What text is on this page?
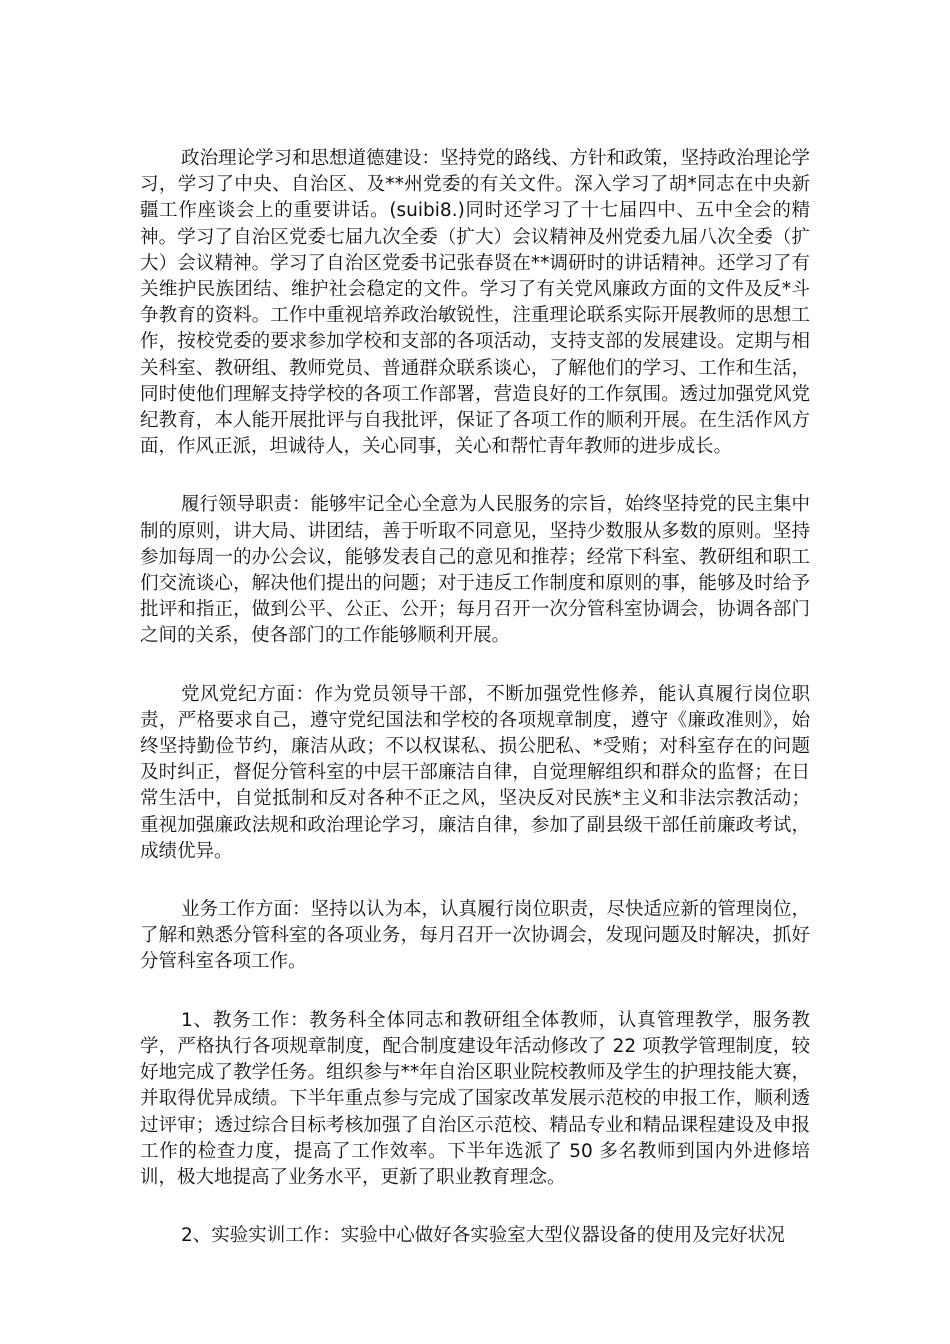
政治理论学习和思想道德建设：坚持党的路线、方针和政策，坚持政治理论学习，学习了中央、自治区、及**州党委的有关文件。深入学习了胡*同志在中央新疆工作座谈会上的重要讲话。(suibi8.)同时还学习了十七届四中、五中全会的精神。学习了自治区党委七届九次全委（扩大）会议精神及州党委九届八次全委（扩大）会议精神。学习了自治区党委书记张春贤在**调研时的讲话精神。还学习了有关维护民族团结、维护社会稳定的文件。学习了有关党风廉政方面的文件及反*斗争教育的资料。工作中重视培养政治敏锐性，注重理论联系实际开展教师的思想工作，按校党委的要求参加学校和支部的各项活动，支持支部的发展建设。定期与相关科室、教研组、教师党员、普通群众联系谈心，了解他们的学习、工作和生活，同时使他们理解支持学校的各项工作部署，营造良好的工作氛围。透过加强党风党纪教育，本人能开展批评与自我批评，保证了各项工作的顺利开展。在生活作风方面，作风正派，坦诚待人，关心同事，关心和帮忙青年教师的进步成长。

履行领导职责：能够牢记全心全意为人民服务的宗旨，始终坚持党的民主集中制的原则，讲大局、讲团结，善于听取不同意见，坚持少数服从多数的原则。坚持参加每周一的办公会议，能够发表自己的意见和推荐；经常下科室、教研组和职工们交流谈心，解决他们提出的问题；对于违反工作制度和原则的事，能够及时给予批评和指正，做到公平、公正、公开；每月召开一次分管科室协调会，协调各部门之间的关系，使各部门的工作能够顺利开展。

党风党纪方面：作为党员领导干部，不断加强党性修养，能认真履行岗位职责，严格要求自己，遵守党纪国法和学校的各项规章制度，遵守《廉政准则》，始终坚持勤俭节约，廉洁从政；不以权谋私、损公肥私、*受贿；对科室存在的问题及时纠正，督促分管科室的中层干部廉洁自律，自觉理解组织和群众的监督；在日常生活中，自觉抵制和反对各种不正之风，坚决反对民族*主义和非法宗教活动；重视加强廉政法规和政治理论学习，廉洁自律，参加了副县级干部任前廉政考试，成绩优异。

业务工作方面：坚持以认为本，认真履行岗位职责，尽快适应新的管理岗位，了解和熟悉分管科室的各项业务，每月召开一次协调会，发现问题及时解决，抓好分管科室各项工作。

1、教务工作：教务科全体同志和教研组全体教师，认真管理教学，服务教学，严格执行各项规章制度，配合制度建设年活动修改了 22 项教学管理制度，较好地完成了教学任务。组织参与**年自治区职业院校教师及学生的护理技能大赛，并取得优异成绩。下半年重点参与完成了国家改革发展示范校的申报工作，顺利透过评审；透过综合目标考核加强了自治区示范校、精品专业和精品课程建设及申报工作的检查力度，提高了工作效率。下半年选派了 50 多名教师到国内外进修培训，极大地提高了业务水平，更新了职业教育理念。

2、实验实训工作：实验中心做好各实验室大型仪器设备的使用及完好状况
